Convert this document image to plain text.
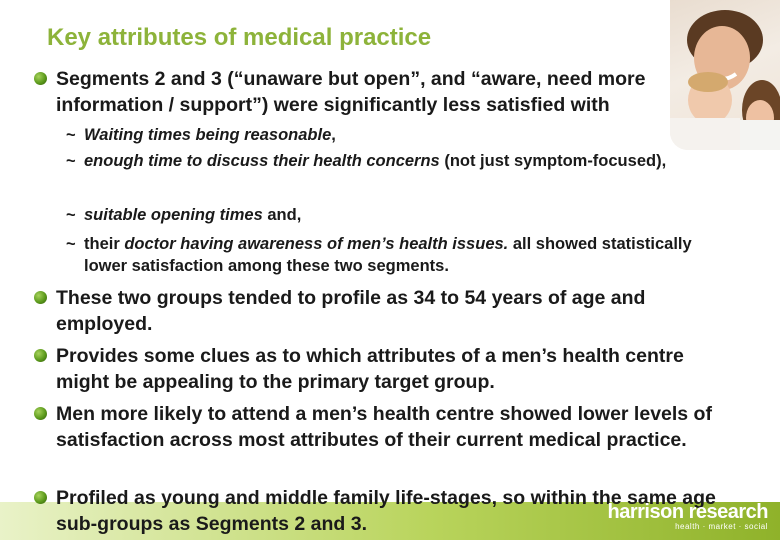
Key attributes of medical practice
Segments 2 and 3 (“unaware but open”, and “aware, need more information / support”) were significantly less satisfied with
~ Waiting times being reasonable,
~ enough time to discuss their health concerns (not just symptom-focused),
~ suitable opening times and,
~ their doctor having awareness of men’s health issues. all showed statistically lower satisfaction among these two segments.
These two groups tended to profile as 34 to 54 years of age and employed.
Provides some clues as to which attributes of a men’s health centre might be appealing to the primary target group.
Men more likely to attend a men’s health centre showed lower levels of satisfaction across most attributes of their current medical practice.
Profiled as young and middle family life-stages, so within the same age sub-groups as Segments 2 and 3.
harrison research
health · market · social
